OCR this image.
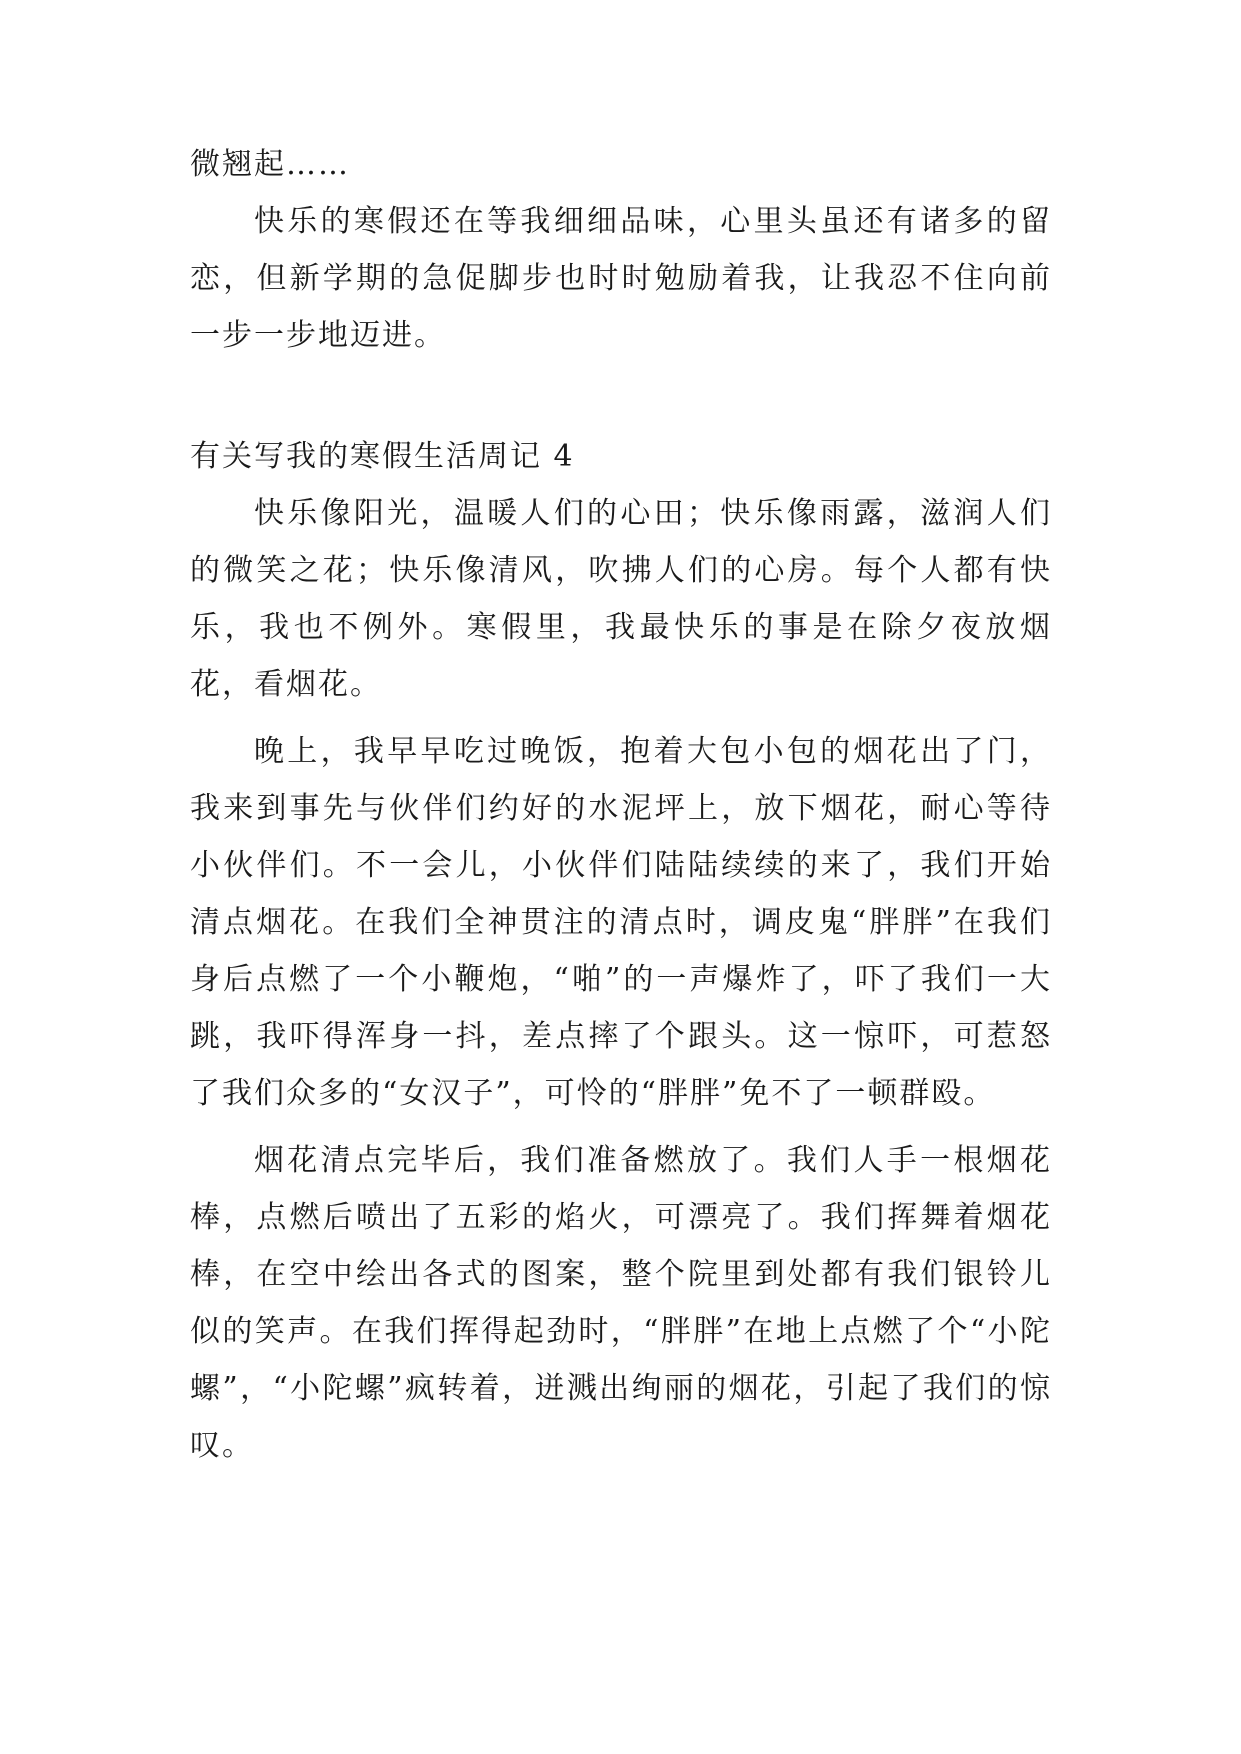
微翘起……

快乐的寒假还在等我细细品味，心里头虽还有诸多的留恋，但新学期的急促脚步也时时勉励着我，让我忍不住向前一步一步地迈进。

有关写我的寒假生活周记 4

快乐像阳光，温暖人们的心田；快乐像雨露，滋润人们的微笑之花；快乐像清风，吹拂人们的心房。每个人都有快乐，我也不例外。寒假里，我最快乐的事是在除夕夜放烟花，看烟花。

晚上，我早早吃过晚饭，抱着大包小包的烟花出了门，我来到事先与伙伴们约好的水泥坪上，放下烟花，耐心等待小伙伴们。不一会儿，小伙伴们陆陆续续的来了，我们开始清点烟花。在我们全神贯注的清点时，调皮鬼“胖胖”在我们身后点燃了一个小鞭炮，“啪”的一声爆炸了，吓了我们一大跳，我吓得浑身一抖，差点摔了个跟头。这一惊吓，可惹怒了我们众多的“女汉子”，可怜的“胖胖”免不了一顿群殴。

烟花清点完毕后，我们准备燃放了。我们人手一根烟花棒，点燃后喷出了五彩的焰火，可漂亮了。我们挥舞着烟花棒，在空中绘出各式的图案，整个院里到处都有我们银铃儿似的笑声。在我们挥得起劲时，“胖胖”在地上点燃了个“小陀螺”，“小陀螺”疯转着，迸溅出绚丽的烟花，引起了我们的惊叹。
